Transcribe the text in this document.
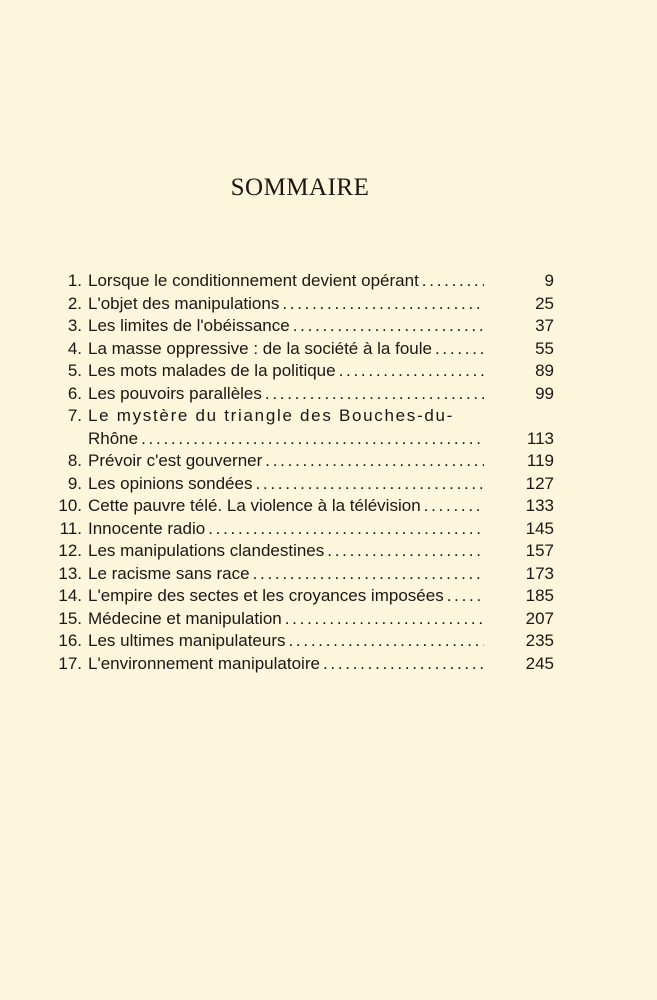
SOMMAIRE
1. Lorsque le conditionnement devient opérant . . .	9
2. L'objet des manipulations . . .	25
3. Les limites de l'obéissance . . .	37
4. La masse oppressive : de la société à la foule . . .	55
5. Les mots malades de la politique . . .	89
6. Les pouvoirs parallèles . . .	99
7. Le mystère du triangle des Bouches-du-
Rhône . . .	113
8. Prévoir c'est gouverner . . .	119
9. Les opinions sondées . . .	127
10. Cette pauvre télé. La violence à la télévision . . .	133
11. Innocente radio . . .	145
12. Les manipulations clandestines . . .	157
13. Le racisme sans race . . .	173
14. L'empire des sectes et les croyances imposées . . .	185
15. Médecine et manipulation . . .	207
16. Les ultimes manipulateurs . . .	235
17. L'environnement manipulatoire . . .	245
